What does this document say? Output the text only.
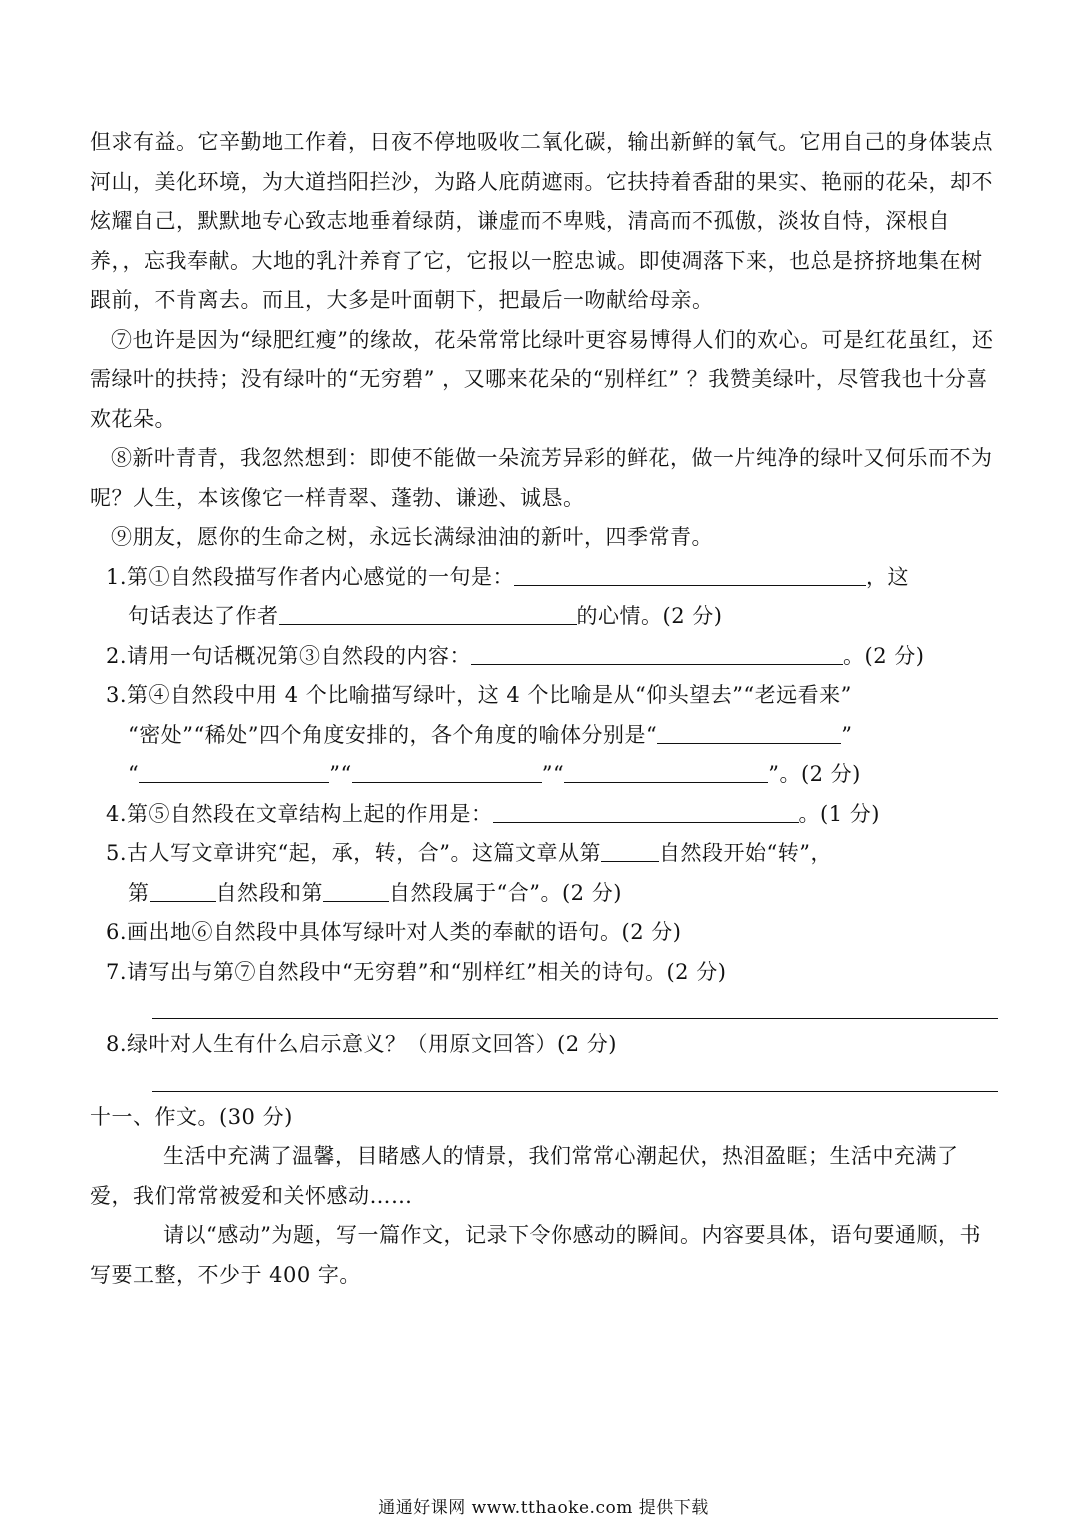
但求有益。它辛勤地工作着，日夜不停地吸收二氧化碳，输出新鲜的氧气。它用自己的身体装点河山，美化环境，为大道挡阳拦沙，为路人庇荫遮雨。它扶持着香甜的果实、艳丽的花朵，却不炫耀自己，默默地专心致志地垂着绿荫，谦虚而不卑贱，清高而不孤傲，淡妆自恃，深根自养，，忘我奉献。大地的乳汁养育了它，它报以一腔忠诚。即使凋落下来，也总是挤挤地集在树跟前，不肯离去。而且，大多是叶面朝下，把最后一吻献给母亲。

⑦也许是因为“绿肥红瘦”的缘故，花朵常常比绿叶更容易博得人们的欢心。可是红花虽红，还需绿叶的扶持；没有绿叶的“无穷碧” ，又哪来花朵的“别样红” ？我赞美绿叶，尽管我也十分喜欢花朵。

⑧新叶青青，我忽然想到：即使不能做一朵流芳异彩的鲜花，做一片纯净的绿叶又何乐而不为呢？人生，本该像它一样青翠、蓬勃、谦逊、诚恳。

⑨朋友，愿你的生命之树，永远长满绿油油的新叶，四季常青。

1.第①自然段描写作者内心感觉的一句是：	，这

句话表达了作者	的心情。(2 分)

2.请用一句话概况第③自然段的内容：	。(2 分)

3.第④自然段中用 4 个比喻描写绿叶，这 4 个比喻是从“仰头望去”“老远看来”

“密处”“稀处”四个角度安排的，各个角度的喻体分别是“	”

“	”“	”“	”。(2 分)

4.第⑤自然段在文章结构上起的作用是：	。(1 分)

5.古人写文章讲究“起，承，转，合”。这篇文章从第	自然段开始“转”，

第	自然段和第	自然段属于“合”。(2 分)

6.画出地⑥自然段中具体写绿叶对人类的奉献的语句。(2 分)

7.请写出与第⑦自然段中“无穷碧”和“别样红”相关的诗句。(2 分)

8.绿叶对人生有什么启示意义？（用原文回答）(2 分)

十一、作文。(30 分)

生活中充满了温馨，目睹感人的情景，我们常常心潮起伏，热泪盈眶；生活中充满了爱，我们常常被爱和关怀感动……

请以“感动”为题，写一篇作文，记录下令你感动的瞬间。内容要具体，语句要通顺，书写要工整，不少于 400 字。

通通好课网 www.tthaoke.com 提供下载
